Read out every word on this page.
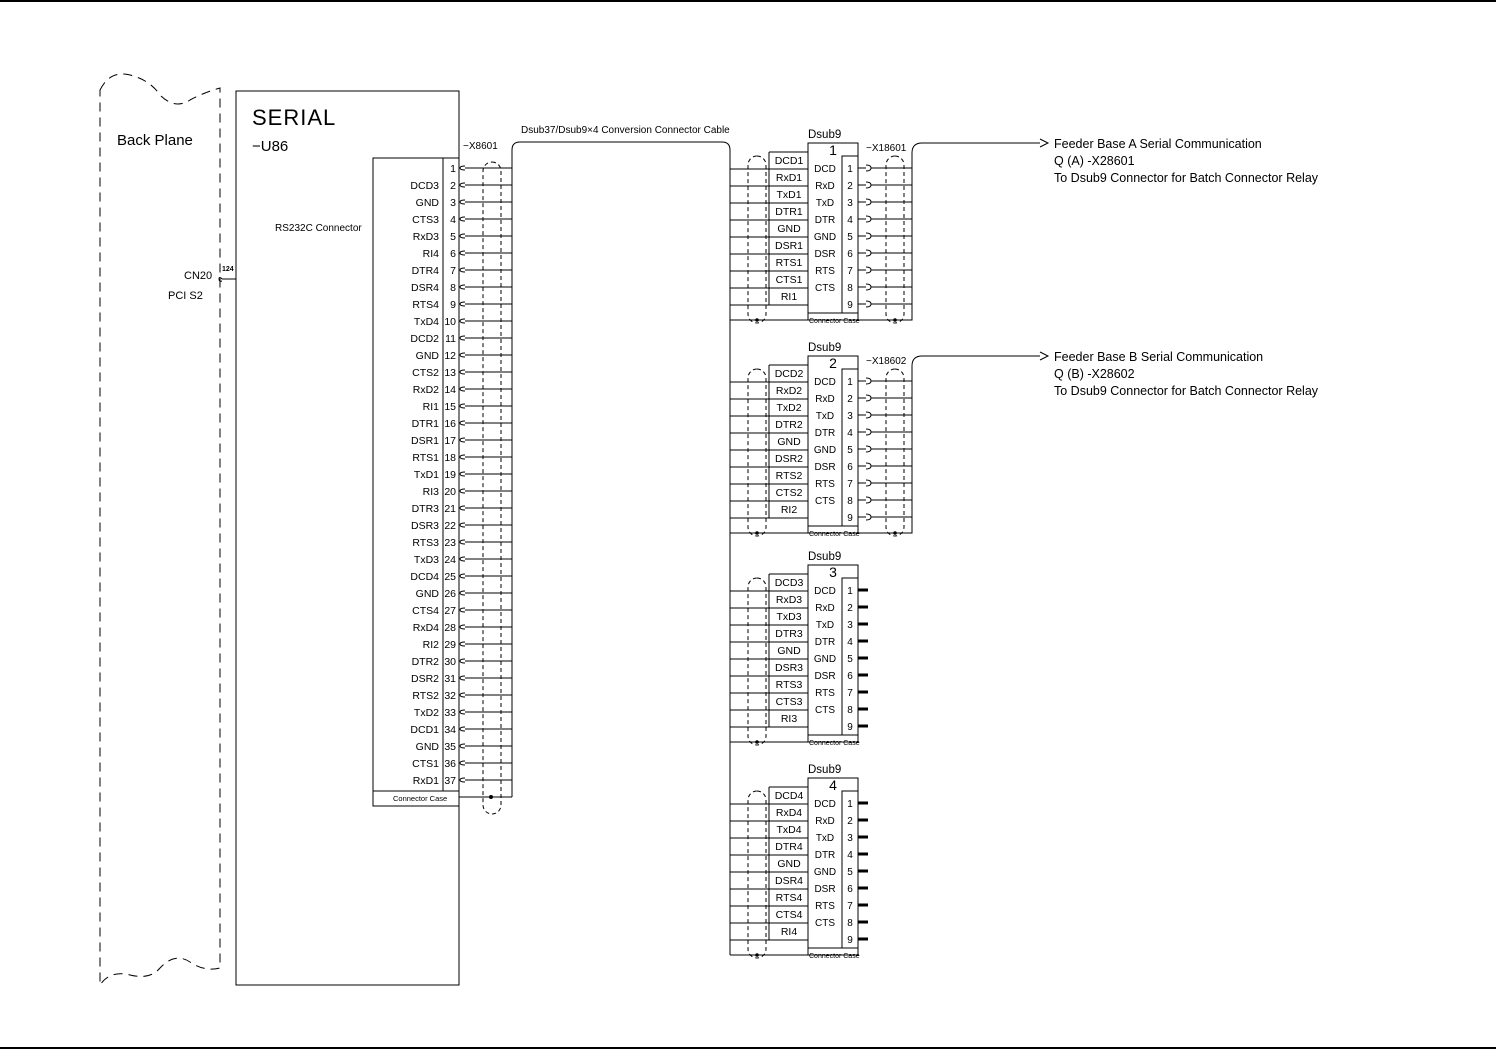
Back Plane
CN20
PCI S2
124
SERIAL
−U86
RS232C Connector
Connector Case
−X8601
Dsub37/Dsub9×4 Conversion Connector Cable
1
2
DCD3
3
GND
4
CTS3
5
RxD3
6
RI4
7
DTR4
8
DSR4
9
RTS4
10
TxD4
11
DCD2
12
GND
13
CTS2
14
RxD2
15
RI1
16
DTR1
17
DSR1
18
RTS1
19
TxD1
20
RI3
21
DTR3
22
DSR3
23
RTS3
24
TxD3
25
DCD4
26
GND
27
CTS4
28
RxD4
29
RI2
30
DTR2
31
DSR2
32
RTS2
33
TxD2
34
DCD1
35
GND
36
CTS1
37
RxD1
Dsub9
1
Connector Case
1
DCD
DCD1
2
RxD
RxD1
3
TxD
TxD1
4
DTR
DTR1
5
GND
GND
6
DSR
DSR1
7
RTS
RTS1
8
CTS
CTS1
9
RI1
−X18601	Feeder Base A Serial Communication
Q (A) -X28601
To Dsub9 Connector for Batch Connector Relay
Dsub9
2
Connector Case
1
DCD
DCD2
2
RxD
RxD2
3
TxD
TxD2
4
DTR
DTR2
5
GND
GND
6
DSR
DSR2
7
RTS
RTS2
8
CTS
CTS2
9
RI2
−X18602	Feeder Base B Serial Communication
Q (B) -X28602
To Dsub9 Connector for Batch Connector Relay
Dsub9
3
Connector Case
1
DCD
DCD3
2
RxD
RxD3
3
TxD
TxD3
4
DTR
DTR3
5
GND
GND
6
DSR
DSR3
7
RTS
RTS3
8
CTS
CTS3
9
RI3
Dsub9
4
Connector Case
1
DCD
DCD4
2
RxD
RxD4
3
TxD
TxD4
4
DTR
DTR4
5
GND
GND
6
DSR
DSR4
7
RTS
RTS4
8
CTS
CTS4
9
RI4
